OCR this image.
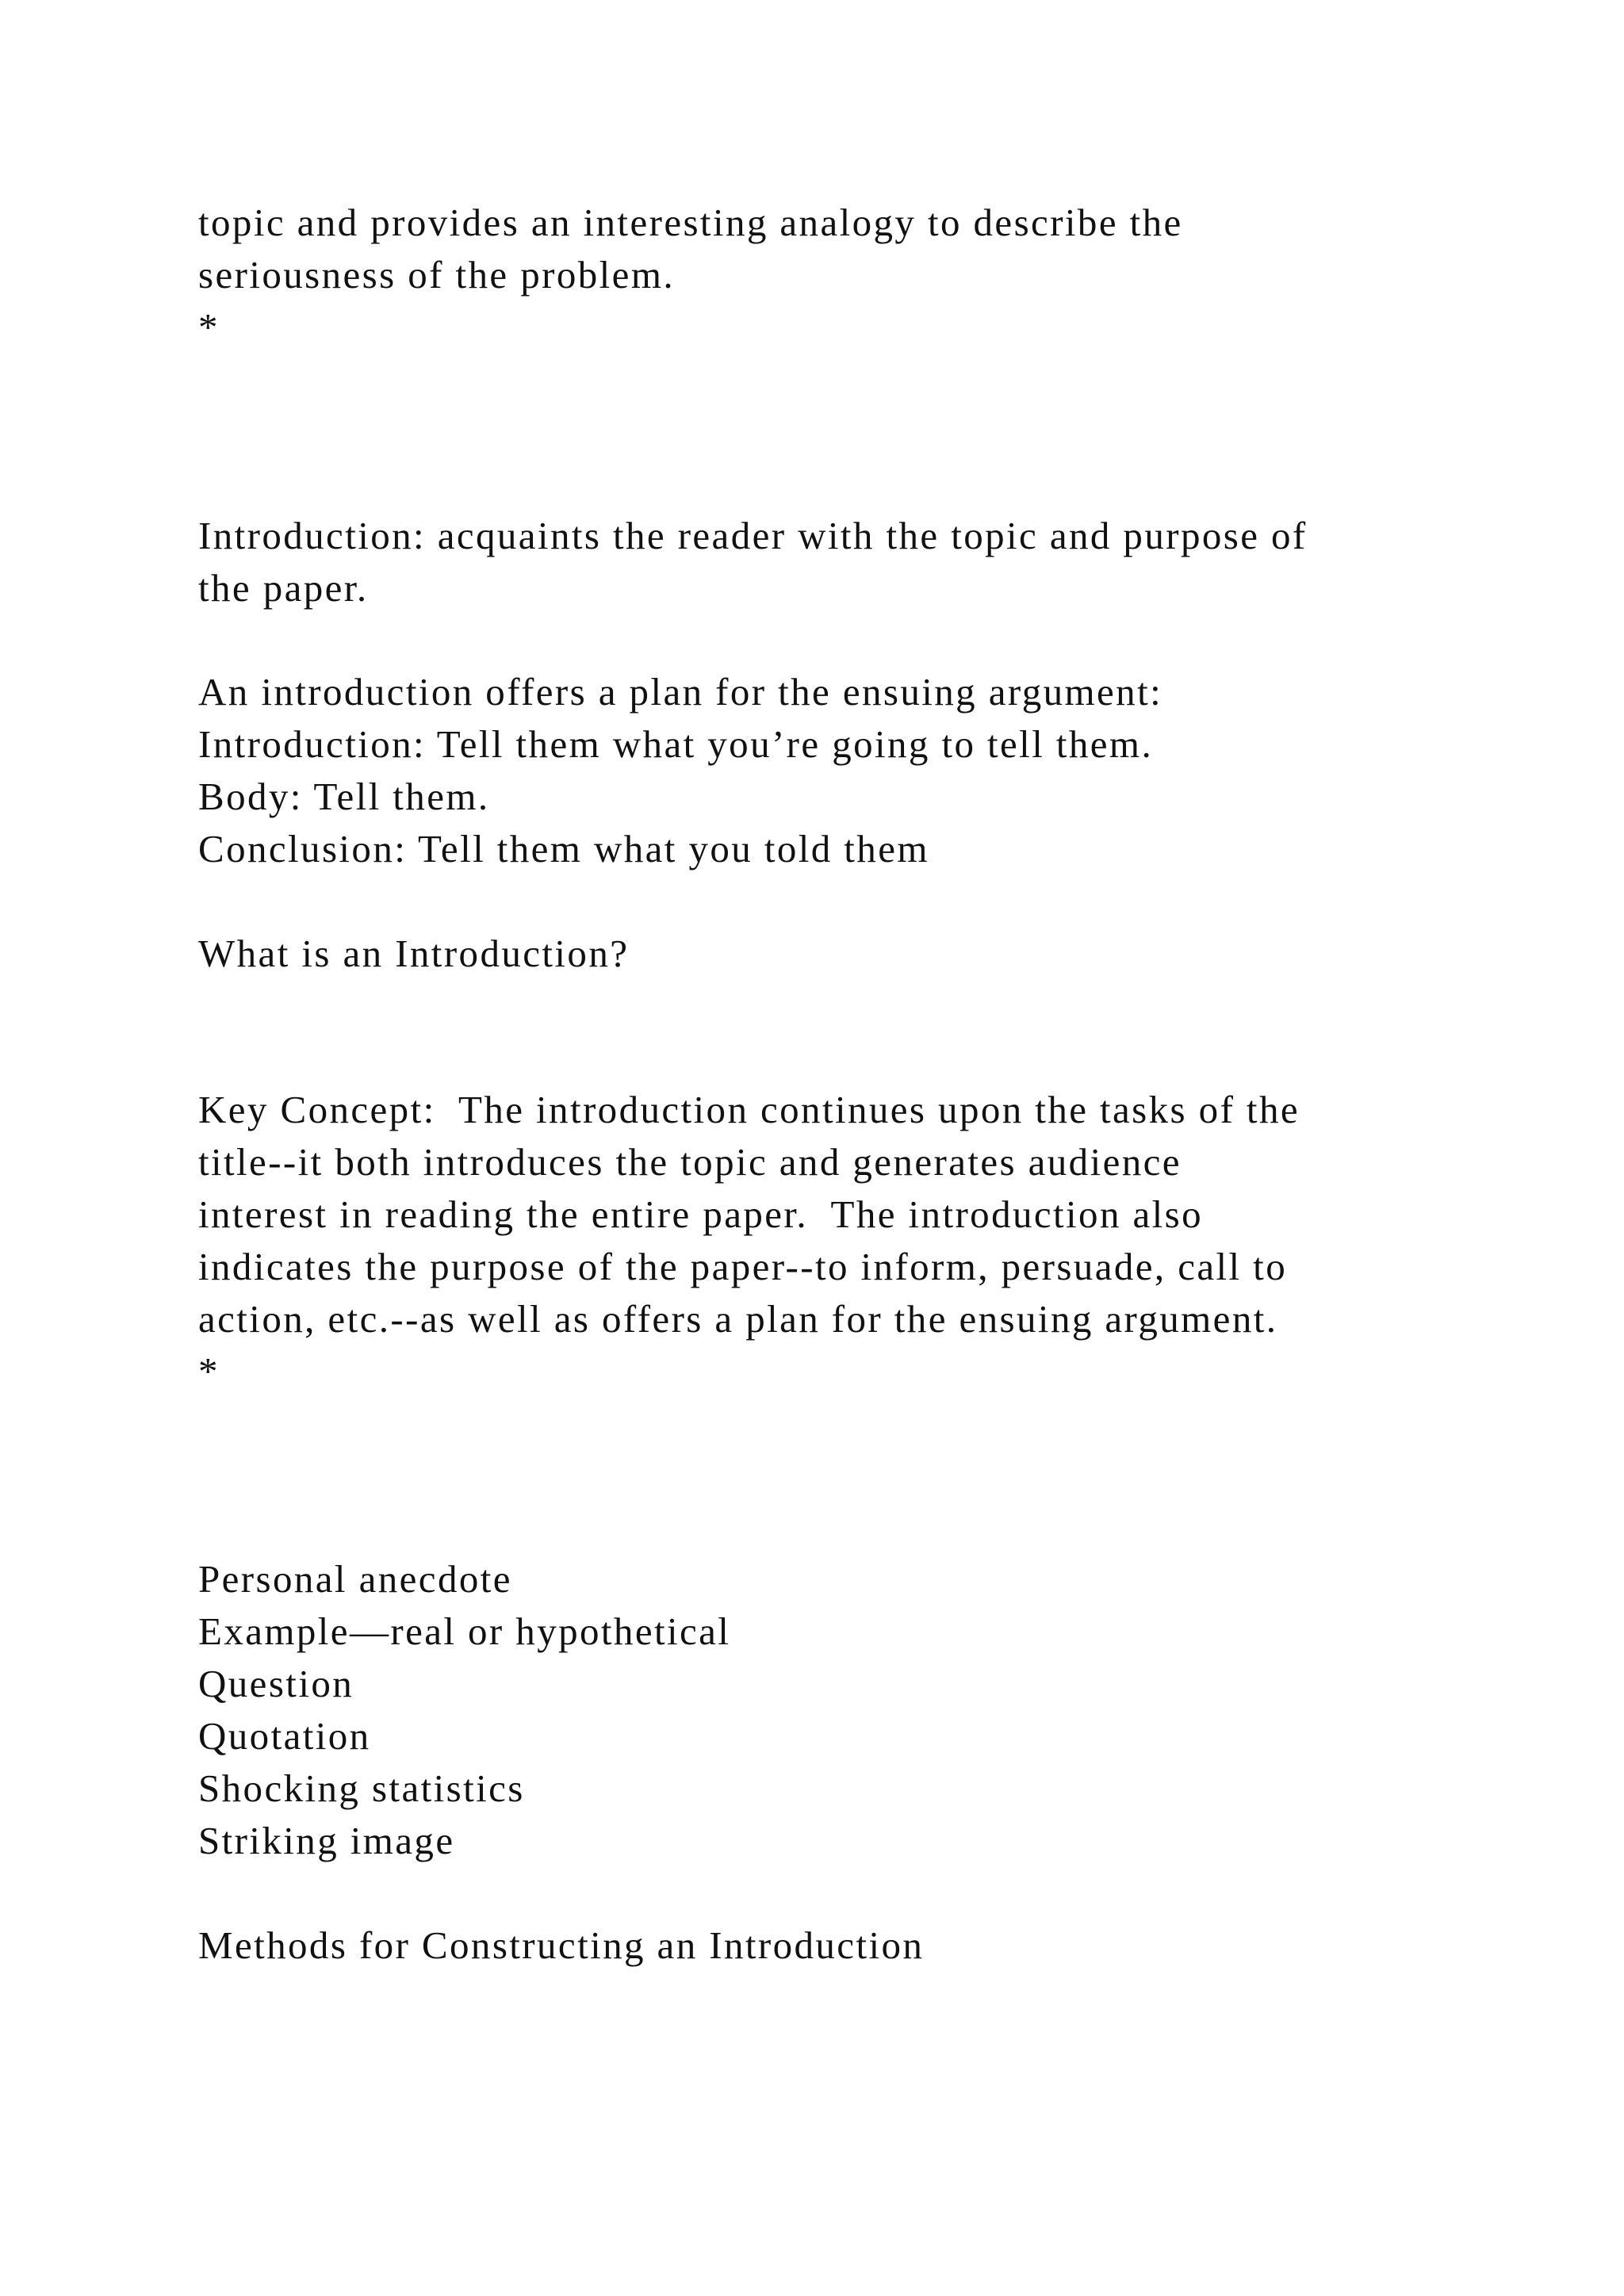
topic and provides an interesting analogy to describe the
seriousness of the problem.
*
Introduction: acquaints the reader with the topic and purpose of
the paper.
An introduction offers a plan for the ensuing argument:
Introduction: Tell them what you’re going to tell them.
Body: Tell them.
Conclusion: Tell them what you told them
What is an Introduction?
Key Concept:  The introduction continues upon the tasks of the
title--it both introduces the topic and generates audience
interest in reading the entire paper.  The introduction also
indicates the purpose of the paper--to inform, persuade, call to
action, etc.--as well as offers a plan for the ensuing argument.
*
Personal anecdote
Example—real or hypothetical
Question
Quotation
Shocking statistics
Striking image
Methods for Constructing an Introduction
